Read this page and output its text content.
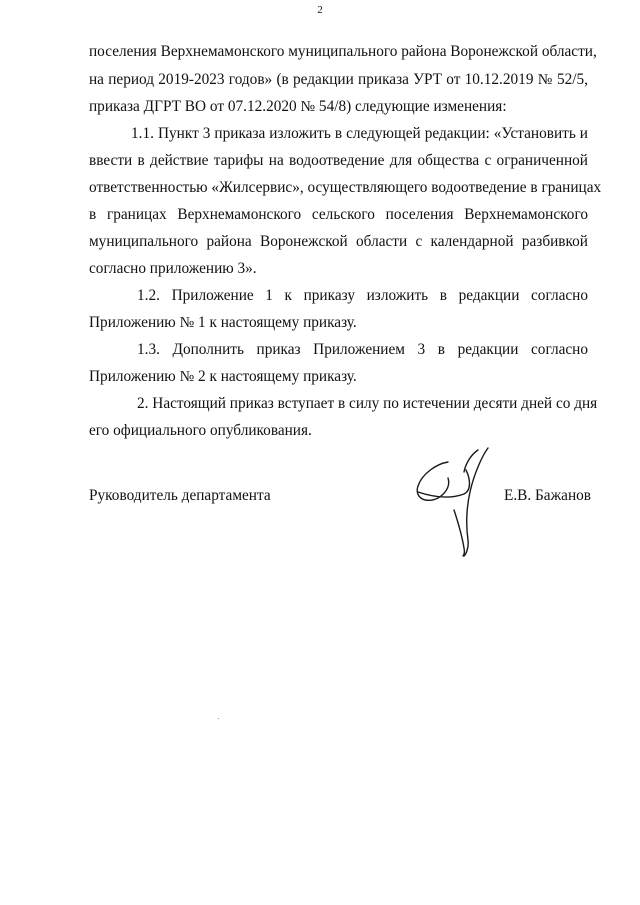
2
поселения Верхнемамонского муниципального района Воронежской области,
на период 2019-2023 годов» (в редакции приказа УРТ от 10.12.2019 № 52/5,
приказа ДГРТ ВО от 07.12.2020 № 54/8) следующие изменения:
1.1. Пункт 3 приказа изложить в следующей редакции: «Установить и
ввести в действие тарифы на водоотведение для общества с ограниченной
ответственностью «Жилсервис», осуществляющего водоотведение в границах
в границах Верхнемамонского сельского поселения Верхнемамонского
муниципального района Воронежской области с календарной разбивкой
согласно приложению 3».
1.2. Приложение 1 к приказу изложить в редакции согласно
Приложению № 1 к настоящему приказу.
1.3. Дополнить приказ Приложением 3 в редакции согласно
Приложению № 2 к настоящему приказу.
2. Настоящий приказ вступает в силу по истечении десяти дней со дня
его официального опубликования.
Руководитель департамента	Е.В. Бажанов
